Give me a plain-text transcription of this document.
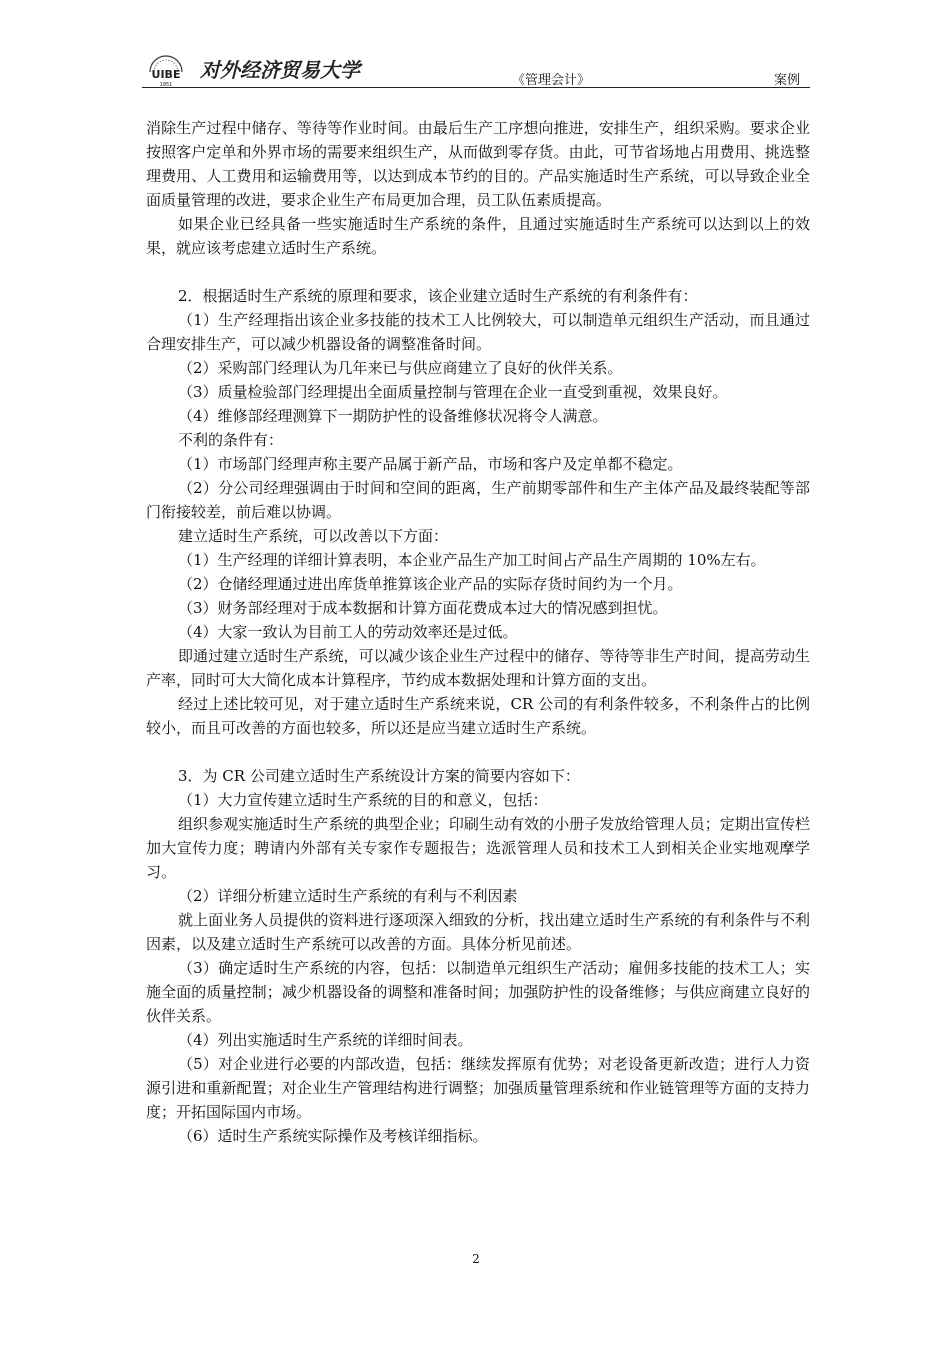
UIBE
1951
对外经济贸易大学	《管理会计》	案例

消除生产过程中储存、等待等作业时间。由最后生产工序想向推进，安排生产，组织采购。要求企业按照客户定单和外界市场的需要来组织生产，从而做到零存货。由此，可节省场地占用费用、挑选整理费用、人工费用和运输费用等，以达到成本节约的目的。产品实施适时生产系统，可以导致企业全面质量管理的改进，要求企业生产布局更加合理，员工队伍素质提高。

如果企业已经具备一些实施适时生产系统的条件，且通过实施适时生产系统可以达到以上的效果，就应该考虑建立适时生产系统。

2．根据适时生产系统的原理和要求，该企业建立适时生产系统的有利条件有：

（1）生产经理指出该企业多技能的技术工人比例较大，可以制造单元组织生产活动，而且通过合理安排生产，可以减少机器设备的调整准备时间。

（2）采购部门经理认为几年来已与供应商建立了良好的伙伴关系。

（3）质量检验部门经理提出全面质量控制与管理在企业一直受到重视，效果良好。

（4）维修部经理测算下一期防护性的设备维修状况将令人满意。

不利的条件有：

（1）市场部门经理声称主要产品属于新产品，市场和客户及定单都不稳定。

（2）分公司经理强调由于时间和空间的距离，生产前期零部件和生产主体产品及最终装配等部门衔接较差，前后难以协调。

建立适时生产系统，可以改善以下方面：

（1）生产经理的详细计算表明，本企业产品生产加工时间占产品生产周期的 10%左右。

（2）仓储经理通过进出库货单推算该企业产品的实际存货时间约为一个月。

（3）财务部经理对于成本数据和计算方面花费成本过大的情况感到担忧。

（4）大家一致认为目前工人的劳动效率还是过低。

即通过建立适时生产系统，可以减少该企业生产过程中的储存、等待等非生产时间，提高劳动生产率，同时可大大简化成本计算程序，节约成本数据处理和计算方面的支出。

经过上述比较可见，对于建立适时生产系统来说，CR 公司的有利条件较多，不利条件占的比例较小，而且可改善的方面也较多，所以还是应当建立适时生产系统。

3．为 CR 公司建立适时生产系统设计方案的简要内容如下：

（1）大力宣传建立适时生产系统的目的和意义，包括：

组织参观实施适时生产系统的典型企业；印刷生动有效的小册子发放给管理人员；定期出宣传栏加大宣传力度；聘请内外部有关专家作专题报告；选派管理人员和技术工人到相关企业实地观摩学习。

（2）详细分析建立适时生产系统的有利与不利因素

就上面业务人员提供的资料进行逐项深入细致的分析，找出建立适时生产系统的有利条件与不利因素，以及建立适时生产系统可以改善的方面。具体分析见前述。

（3）确定适时生产系统的内容，包括：以制造单元组织生产活动；雇佣多技能的技术工人；实施全面的质量控制；减少机器设备的调整和准备时间；加强防护性的设备维修；与供应商建立良好的伙伴关系。

（4）列出实施适时生产系统的详细时间表。

（5）对企业进行必要的内部改造，包括：继续发挥原有优势；对老设备更新改造；进行人力资源引进和重新配置；对企业生产管理结构进行调整；加强质量管理系统和作业链管理等方面的支持力度；开拓国际国内市场。

（6）适时生产系统实际操作及考核详细指标。

2
